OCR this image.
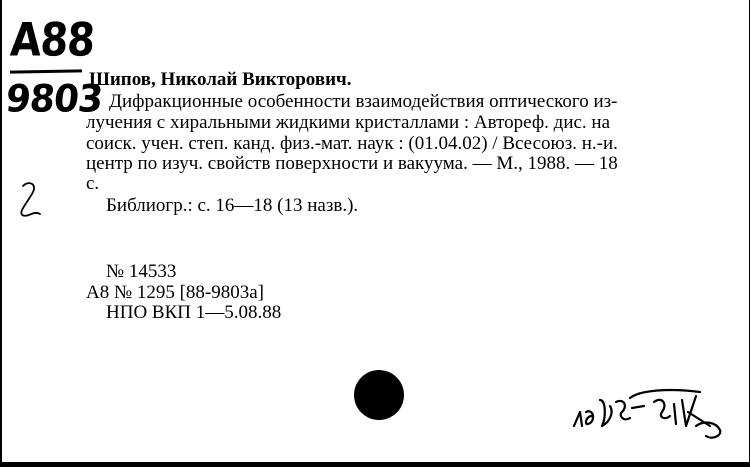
А88
9803
Шипов, Николай Викторович.
Дифракционные особенности взаимодействия оптического из-
лучения с хиральными жидкими кристаллами : Автореф. дис. на
соиск. учен. степ. канд. физ.-мат. наук : (01.04.02) / Всесоюз. н.-и.
центр по изуч. свойств поверхности и вакуума. — М., 1988. — 18
с.
Библиогр.: с. 16—18 (13 назв.).
№ 14533
А8 № 1295 [88-9803а]
НПО ВКП 1—5.08.88
